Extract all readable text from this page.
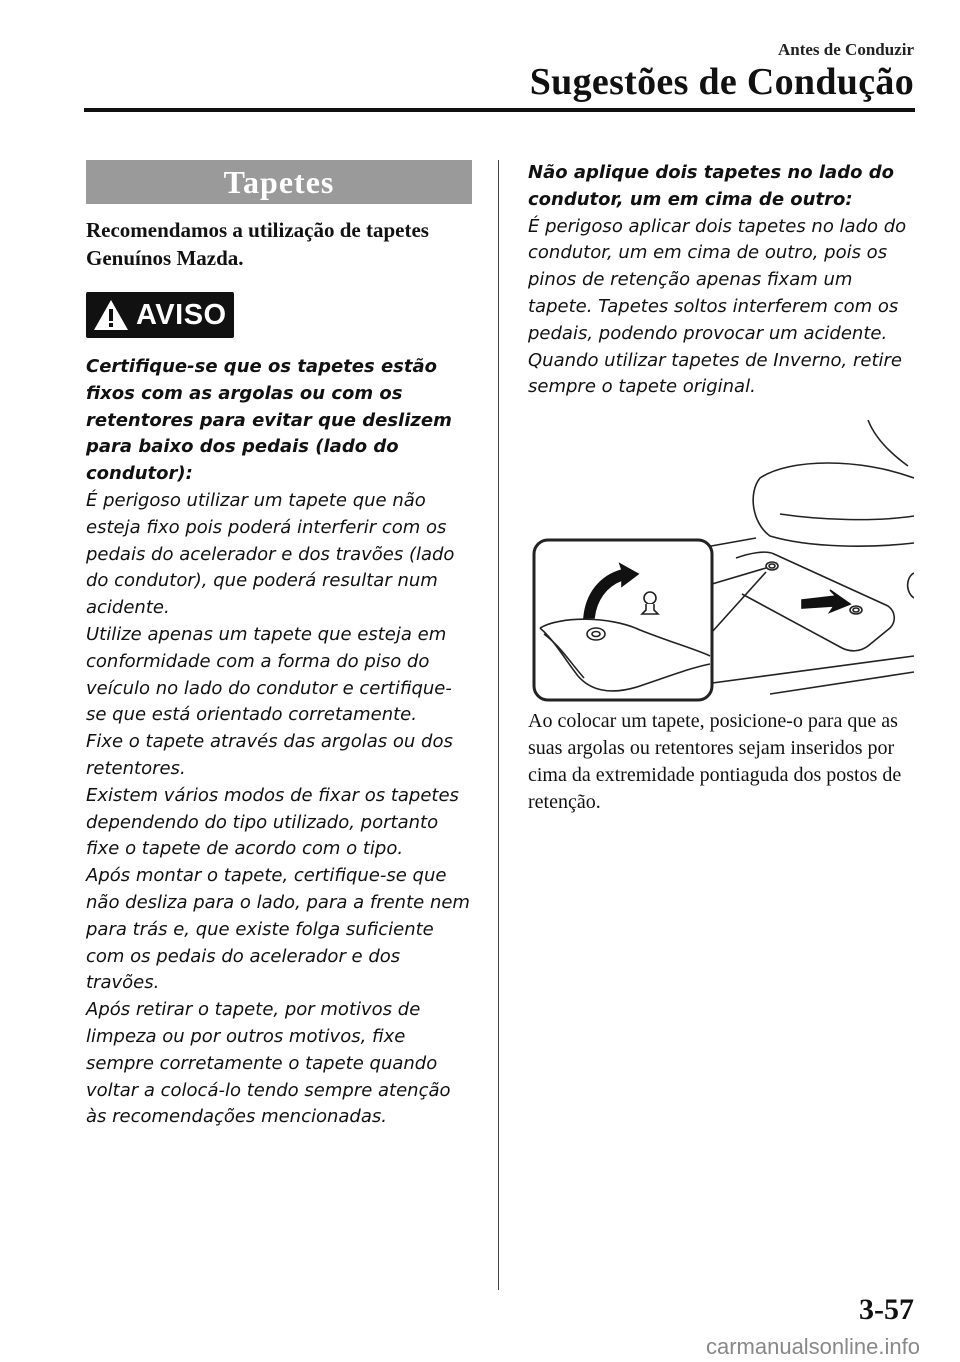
Antes de Conduzir
Sugestões de Condução
Tapetes
Recomendamos a utilização de tapetes Genuínos Mazda.
AVISO

Certifique-se que os tapetes estão fixos com as argolas ou com os retentores para evitar que deslizem para baixo dos pedais (lado do condutor):

É perigoso utilizar um tapete que não esteja fixo pois poderá interferir com os pedais do acelerador e dos travões (lado do condutor), que poderá resultar num acidente.

Utilize apenas um tapete que esteja em conformidade com a forma do piso do veículo no lado do condutor e certifique-se que está orientado corretamente.

Fixe o tapete através das argolas ou dos retentores.

Existem vários modos de fixar os tapetes dependendo do tipo utilizado, portanto fixe o tapete de acordo com o tipo.

Após montar o tapete, certifique-se que não desliza para o lado, para a frente nem para trás e, que existe folga suficiente com os pedais do acelerador e dos travões.

Após retirar o tapete, por motivos de limpeza ou por outros motivos, fixe sempre corretamente o tapete quando voltar a colocá-lo tendo sempre atenção às recomendações mencionadas.

Não aplique dois tapetes no lado do condutor, um em cima de outro:

É perigoso aplicar dois tapetes no lado do condutor, um em cima de outro, pois os pinos de retenção apenas fixam um tapete. Tapetes soltos interferem com os pedais, podendo provocar um acidente.

Quando utilizar tapetes de Inverno, retire sempre o tapete original.

Ao colocar um tapete, posicione-o para que as suas argolas ou retentores sejam inseridos por cima da extremidade pontiaguda dos postos de retenção.
3-57
carmanualsonline.info
